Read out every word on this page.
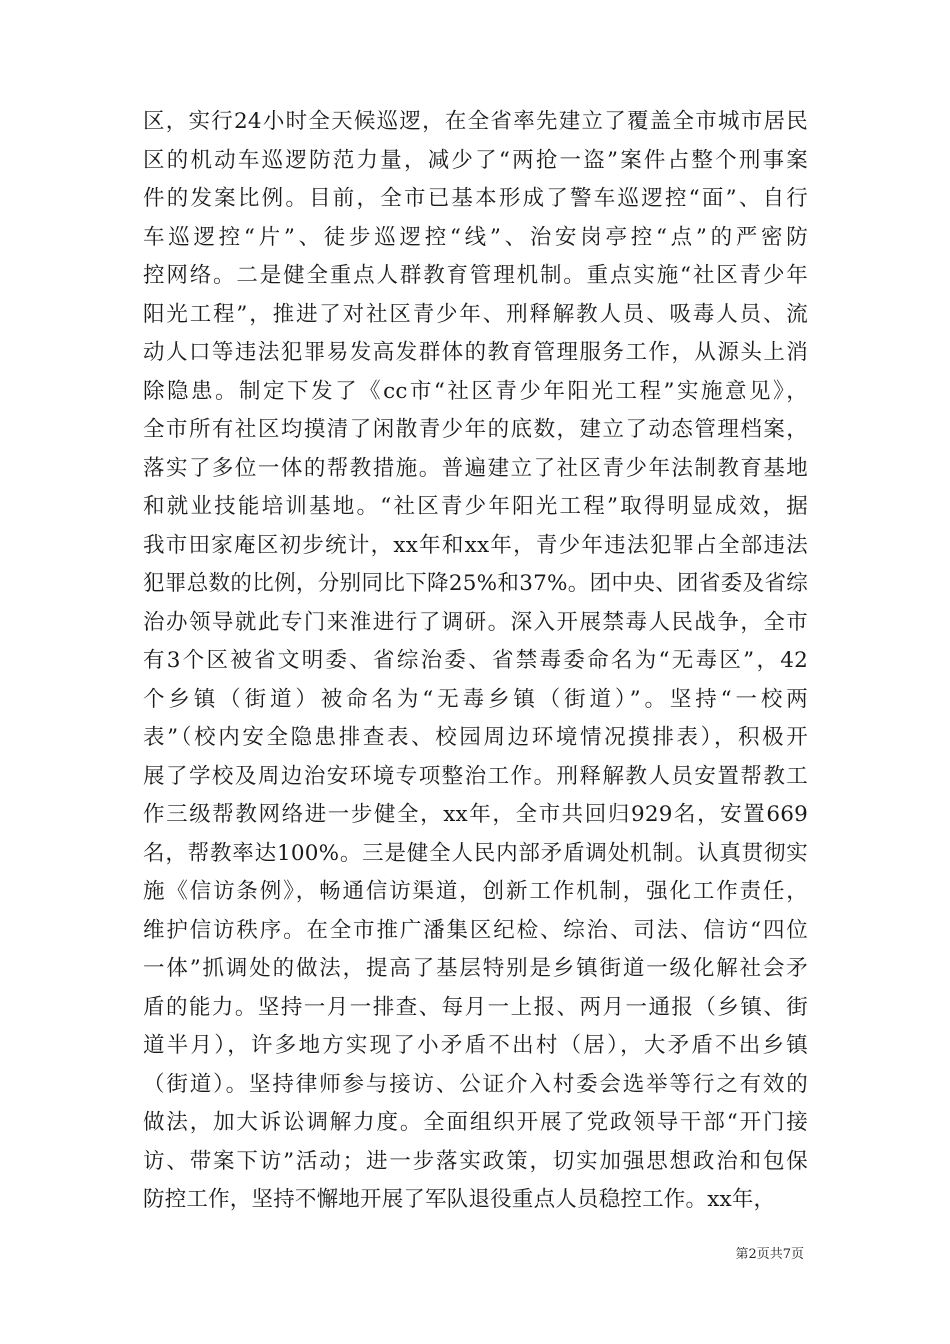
区，实行24小时全天候巡逻，在全省率先建立了覆盖全市城市居民
区的机动车巡逻防范力量，减少了“两抢一盗”案件占整个刑事案
件的发案比例。目前，全市已基本形成了警车巡逻控“面”、自行
车巡逻控“片”、徒步巡逻控“线”、治安岗亭控“点”的严密防
控网络。二是健全重点人群教育管理机制。重点实施“社区青少年
阳光工程”，推进了对社区青少年、刑释解教人员、吸毒人员、流
动人口等违法犯罪易发高发群体的教育管理服务工作，从源头上消
除隐患。制定下发了《cc市“社区青少年阳光工程”实施意见》，
全市所有社区均摸清了闲散青少年的底数，建立了动态管理档案，
落实了多位一体的帮教措施。普遍建立了社区青少年法制教育基地
和就业技能培训基地。“社区青少年阳光工程”取得明显成效，据
我市田家庵区初步统计，xx年和xx年，青少年违法犯罪占全部违法
犯罪总数的比例，分别同比下降25%和37%。团中央、团省委及省综
治办领导就此专门来淮进行了调研。深入开展禁毒人民战争，全市
有3个区被省文明委、省综治委、省禁毒委命名为“无毒区”，42
个乡镇（街道）被命名为“无毒乡镇（街道）”。坚持“一校两
表”（校内安全隐患排查表、校园周边环境情况摸排表），积极开
展了学校及周边治安环境专项整治工作。刑释解教人员安置帮教工
作三级帮教网络进一步健全，xx年，全市共回归929名，安置669
名，帮教率达100%。三是健全人民内部矛盾调处机制。认真贯彻实
施《信访条例》，畅通信访渠道，创新工作机制，强化工作责任，
维护信访秩序。在全市推广潘集区纪检、综治、司法、信访“四位
一体”抓调处的做法，提高了基层特别是乡镇街道一级化解社会矛
盾的能力。坚持一月一排查、每月一上报、两月一通报（乡镇、街
道半月），许多地方实现了小矛盾不出村（居），大矛盾不出乡镇
（街道）。坚持律师参与接访、公证介入村委会选举等行之有效的
做法，加大诉讼调解力度。全面组织开展了党政领导干部“开门接
访、带案下访”活动；进一步落实政策，切实加强思想政治和包保
防控工作，坚持不懈地开展了军队退役重点人员稳控工作。xx年，
第2页共7页
